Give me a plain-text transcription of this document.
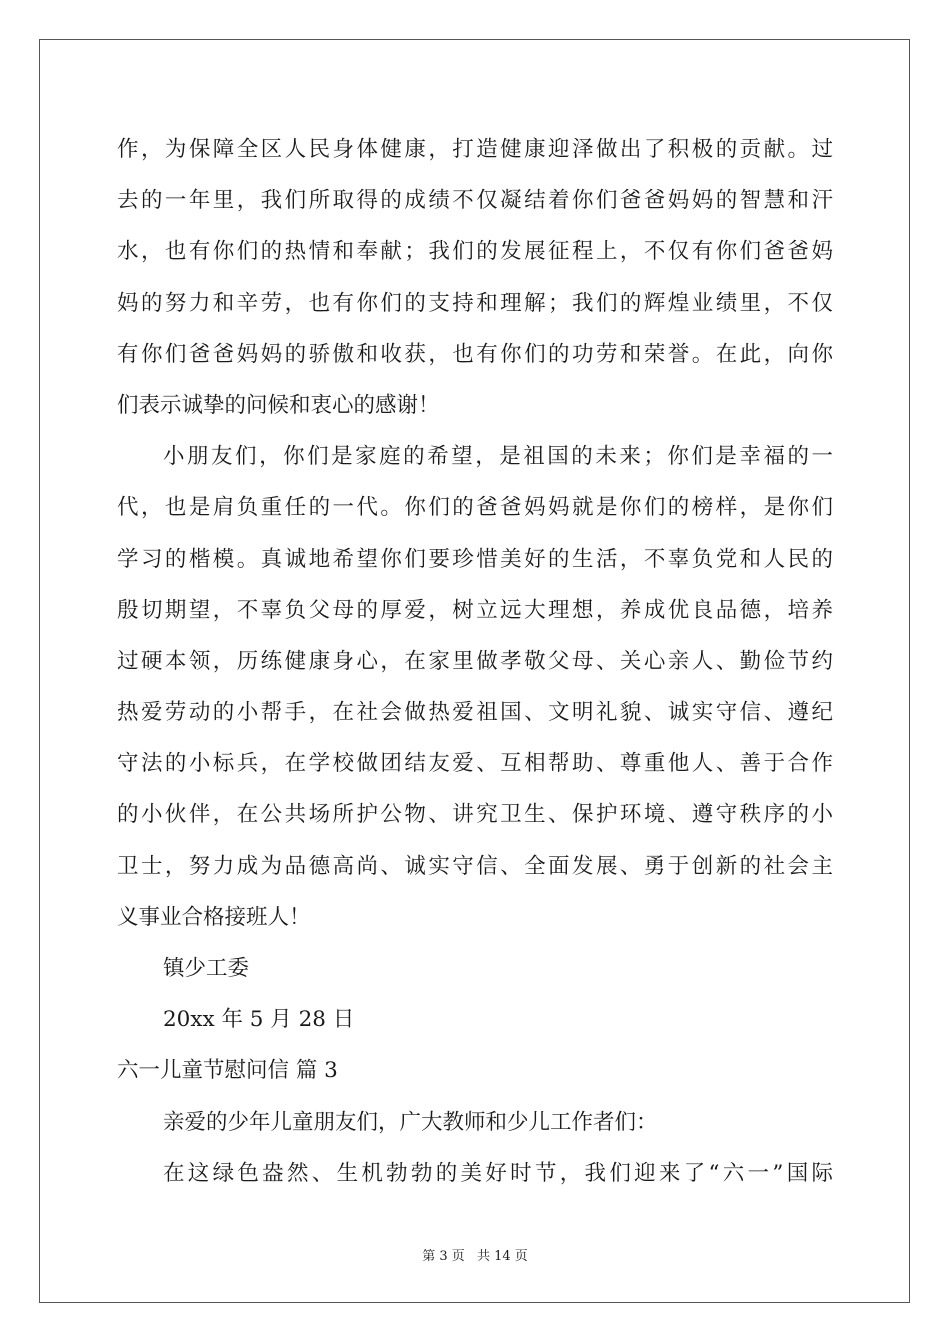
作，为保障全区人民身体健康，打造健康迎泽做出了积极的贡献。过
去的一年里，我们所取得的成绩不仅凝结着你们爸爸妈妈的智慧和汗
水，也有你们的热情和奉献；我们的发展征程上，不仅有你们爸爸妈
妈的努力和辛劳，也有你们的支持和理解；我们的辉煌业绩里，不仅
有你们爸爸妈妈的骄傲和收获，也有你们的功劳和荣誉。在此，向你
们表示诚挚的问候和衷心的感谢！
小朋友们，你们是家庭的希望，是祖国的未来；你们是幸福的一
代，也是肩负重任的一代。你们的爸爸妈妈就是你们的榜样，是你们
学习的楷模。真诚地希望你们要珍惜美好的生活，不辜负党和人民的
殷切期望，不辜负父母的厚爱，树立远大理想，养成优良品德，培养
过硬本领，历练健康身心，在家里做孝敬父母、关心亲人、勤俭节约
热爱劳动的小帮手，在社会做热爱祖国、文明礼貌、诚实守信、遵纪
守法的小标兵，在学校做团结友爱、互相帮助、尊重他人、善于合作
的小伙伴，在公共场所护公物、讲究卫生、保护环境、遵守秩序的小
卫士，努力成为品德高尚、诚实守信、全面发展、勇于创新的社会主
义事业合格接班人！
镇少工委
20xx 年 5 月 28 日
六一儿童节慰问信 篇 3
亲爱的少年儿童朋友们，广大教师和少儿工作者们：
在这绿色盎然、生机勃勃的美好时节，我们迎来了“六一”国际
第 3 页 共 14 页
